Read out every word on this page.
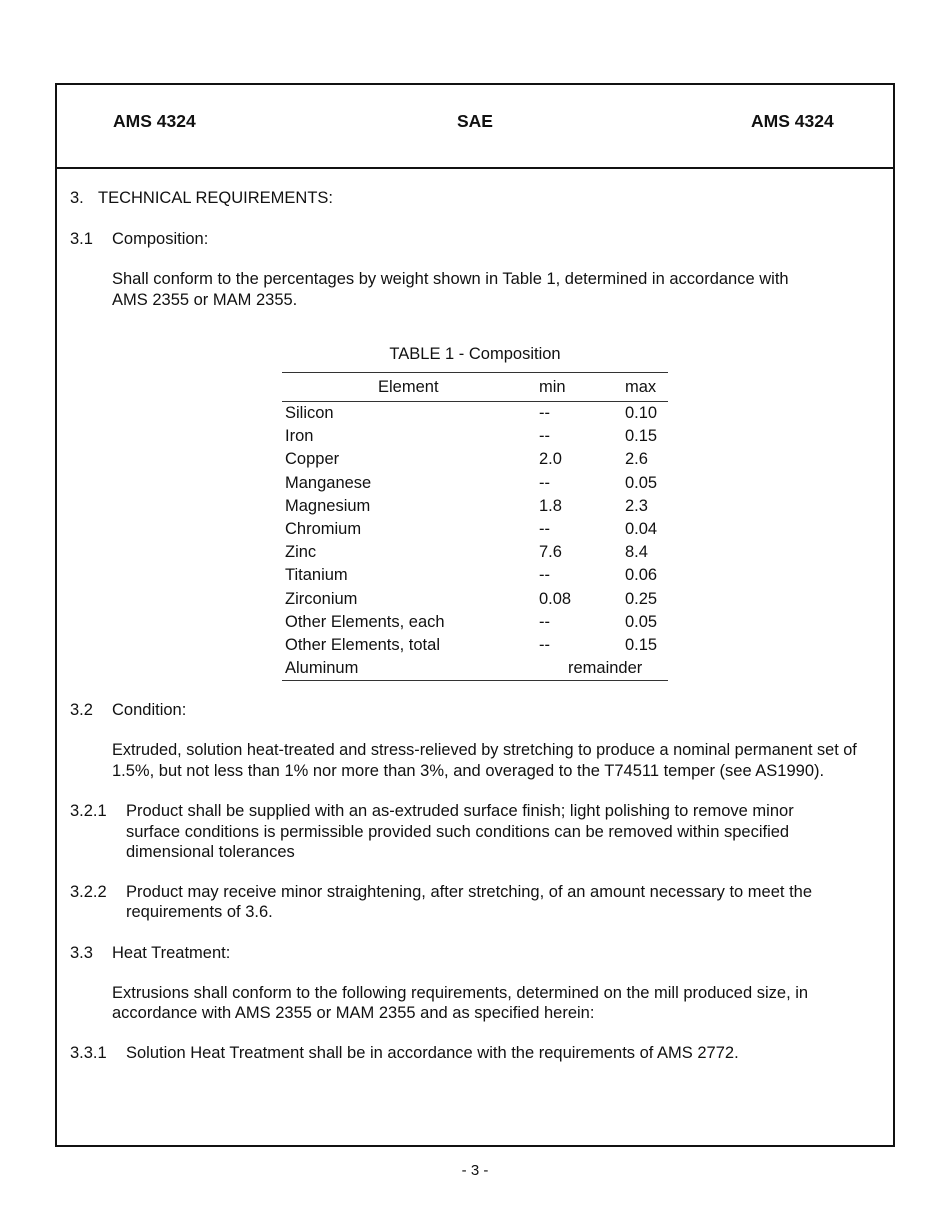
AMS 4324	SAE	AMS 4324
3. TECHNICAL REQUIREMENTS:
3.1 Composition:
Shall conform to the percentages by weight shown in Table 1, determined in accordance with
AMS 2355 or MAM 2355.
TABLE 1 - Composition
Element	min	max
Silicon	--	0.10
Iron	--	0.15
Copper	2.0	2.6
Manganese	--	0.05
Magnesium	1.8	2.3
Chromium	--	0.04
Zinc	7.6	8.4
Titanium	--	0.06
Zirconium	0.08	0.25
Other Elements, each	--	0.05
Other Elements, total	--	0.15
Aluminum	remainder
3.2 Condition:
Extruded, solution heat-treated and stress-relieved by stretching to produce a nominal permanent set of
1.5%, but not less than 1% nor more than 3%, and overaged to the T74511 temper (see AS1990).
3.2.1 Product shall be supplied with an as-extruded surface finish; light polishing to remove minor
surface conditions is permissible provided such conditions can be removed within specified
dimensional tolerances
3.2.2 Product may receive minor straightening, after stretching, of an amount necessary to meet the
requirements of 3.6.
3.3 Heat Treatment:
Extrusions shall conform to the following requirements, determined on the mill produced size, in
accordance with AMS 2355 or MAM 2355 and as specified herein:
3.3.1 Solution Heat Treatment shall be in accordance with the requirements of AMS 2772.
- 3 -
